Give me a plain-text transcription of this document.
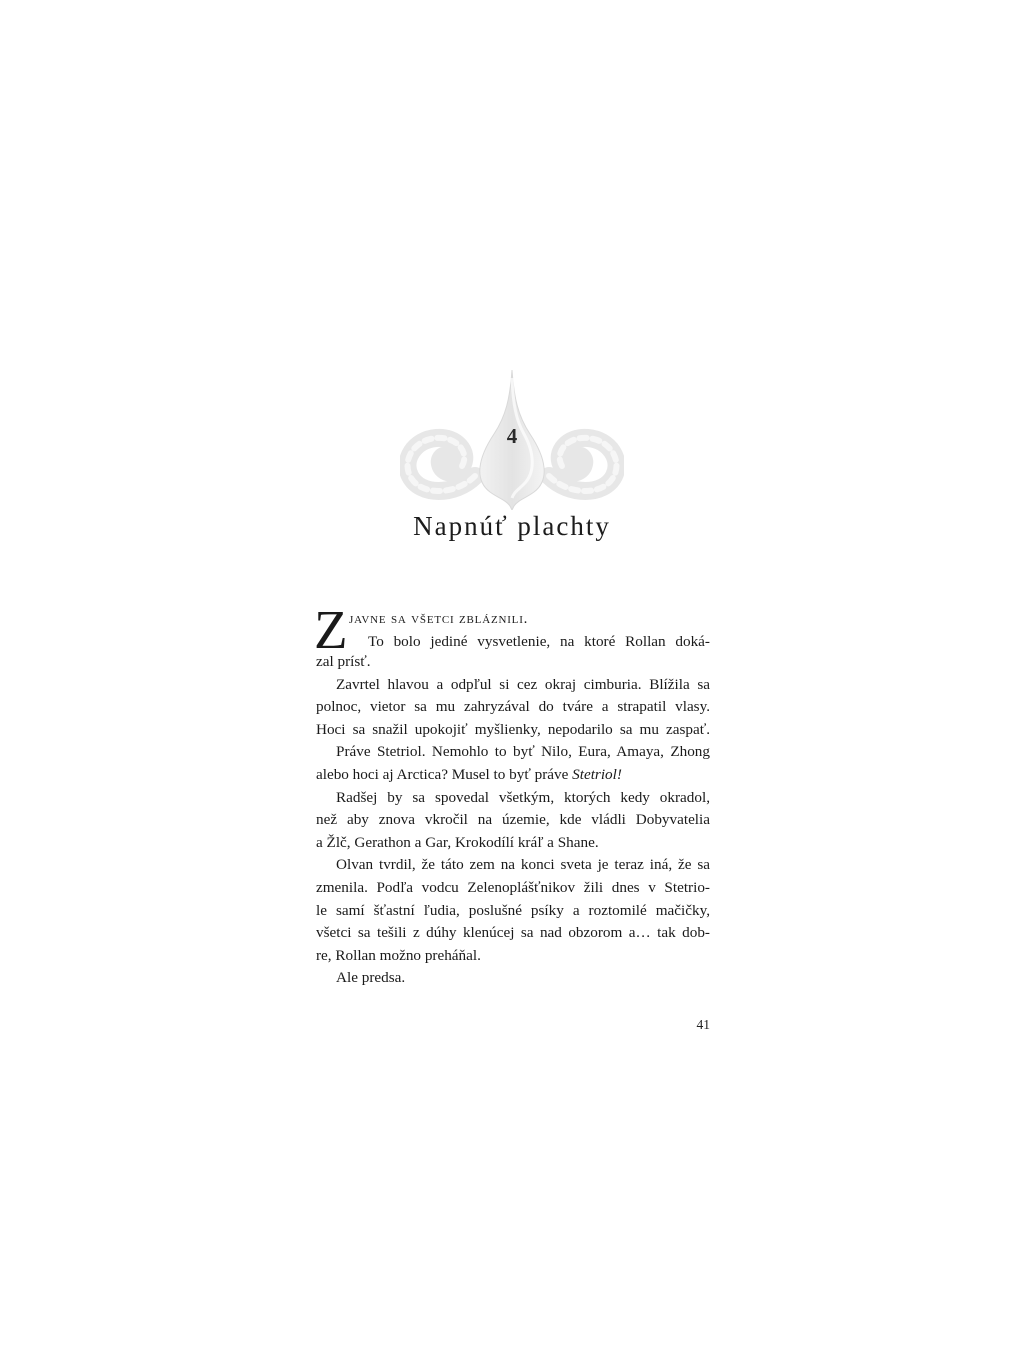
4
Napnúť plachty
Z javne sa všetci zbláznili.
To bolo jediné vysvetlenie, na ktoré Rollan doká-
zal prísť.
Zavrtel hlavou a odpľul si cez okraj cimburia. Blížila sa
polnoc, vietor sa mu zahryzával do tváre a strapatil vlasy.
Hoci sa snažil upokojiť myšlienky, nepodarilo sa mu zaspať.
Práve Stetriol. Nemohlo to byť Nilo, Eura, Amaya, Zhong
alebo hoci aj Arctica? Musel to byť práve Stetriol!
Radšej by sa spovedal všetkým, ktorých kedy okradol,
než aby znova vkročil na územie, kde vládli Dobyvatelia
a Žlč, Gerathon a Gar, Krokodílí kráľ a Shane.
Olvan tvrdil, že táto zem na konci sveta je teraz iná, že sa
zmenila. Podľa vodcu Zelenoplášťnikov žili dnes v Stetrio-
le samí šťastní ľudia, poslušné psíky a roztomilé mačičky,
všetci sa tešili z dúhy klenúcej sa nad obzorom a… tak dob-
re, Rollan možno preháňal.
Ale predsa.
41
